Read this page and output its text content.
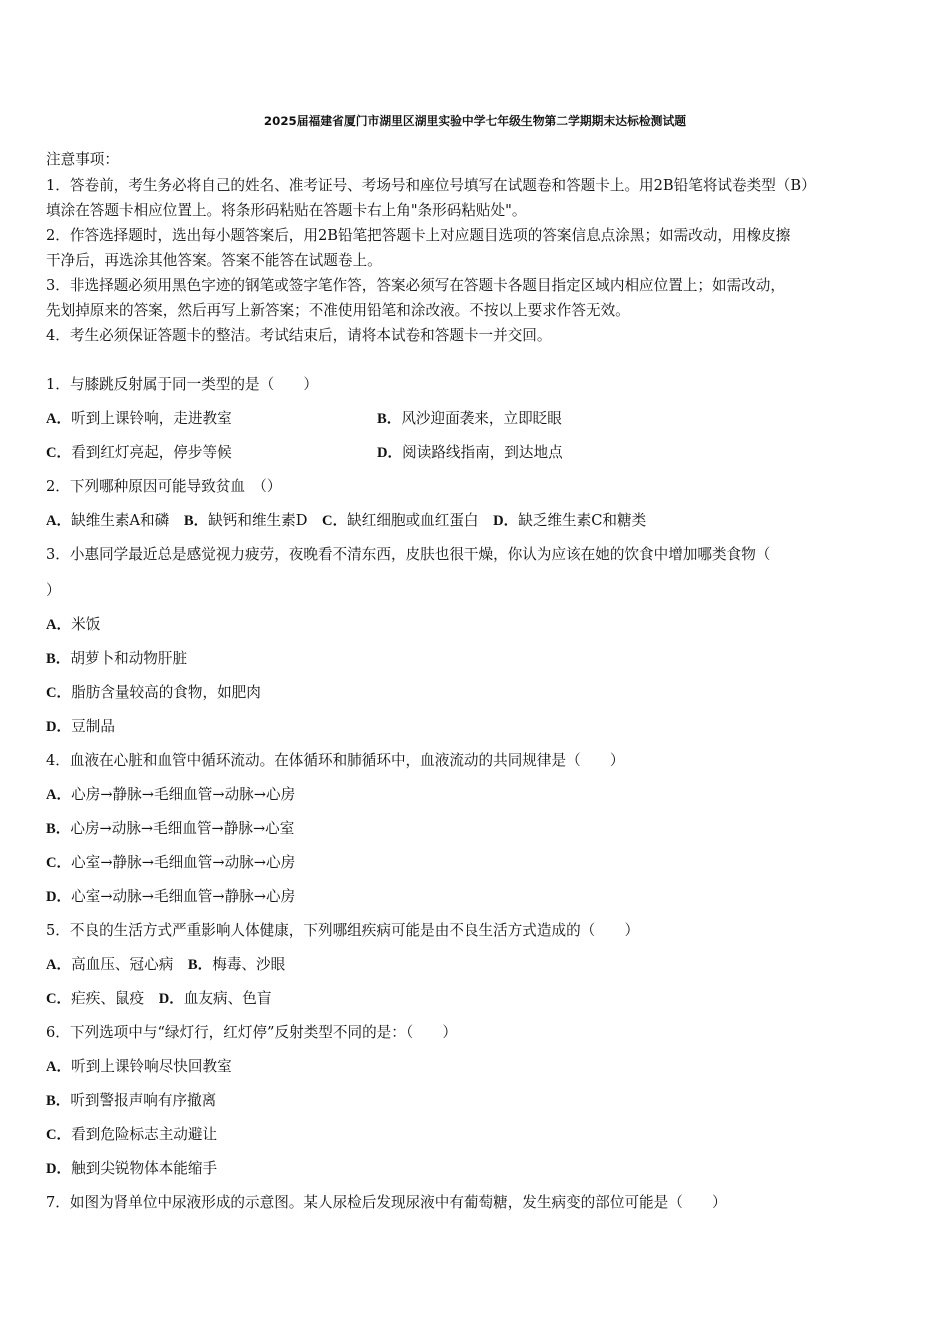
2025届福建省厦门市湖里区湖里实验中学七年级生物第二学期期末达标检测试题
注意事项：
1．答卷前，考生务必将自己的姓名、准考证号、考场号和座位号填写在试题卷和答题卡上。用2B铅笔将试卷类型（B）
填涂在答题卡相应位置上。将条形码粘贴在答题卡右上角"条形码粘贴处"。
2．作答选择题时，选出每小题答案后，用2B铅笔把答题卡上对应题目选项的答案信息点涂黑；如需改动，用橡皮擦
干净后，再选涂其他答案。答案不能答在试题卷上。
3．非选择题必须用黑色字迹的钢笔或签字笔作答，答案必须写在答题卡各题目指定区域内相应位置上；如需改动，
先划掉原来的答案，然后再写上新答案；不准使用铅笔和涂改液。不按以上要求作答无效。
4．考生必须保证答题卡的整洁。考试结束后，请将本试卷和答题卡一并交回。
1．与膝跳反射属于同一类型的是（　　）
A．听到上课铃响，走进教室	B．风沙迎面袭来，立即眨眼
C．看到红灯亮起，停步等候	D．阅读路线指南，到达地点
2．下列哪种原因可能导致贫血　（）
A．缺维生素A和磷　B．缺钙和维生素D　C．缺红细胞或血红蛋白　D．缺乏维生素C和糖类
3．小惠同学最近总是感觉视力疲劳，夜晚看不清东西，皮肤也很干燥，你认为应该在她的饮食中增加哪类食物（
）
A．米饭
B．胡萝卜和动物肝脏
C．脂肪含量较高的食物，如肥肉
D．豆制品
4．血液在心脏和血管中循环流动。在体循环和肺循环中，血液流动的共同规律是（　　）
A．心房→静脉→毛细血管→动脉→心房
B．心房→动脉→毛细血管→静脉→心室
C．心室→静脉→毛细血管→动脉→心房
D．心室→动脉→毛细血管→静脉→心房
5．不良的生活方式严重影响人体健康，下列哪组疾病可能是由不良生活方式造成的（　　）
A．高血压、冠心病　B．梅毒、沙眼
C．疟疾、鼠疫　D．血友病、色盲
6．下列选项中与“绿灯行，红灯停”反射类型不同的是：（　　）
A．听到上课铃响尽快回教室
B．听到警报声响有序撤离
C．看到危险标志主动避让
D．触到尖锐物体本能缩手
7．如图为肾单位中尿液形成的示意图。某人尿检后发现尿液中有葡萄糖，发生病变的部位可能是（　　）
